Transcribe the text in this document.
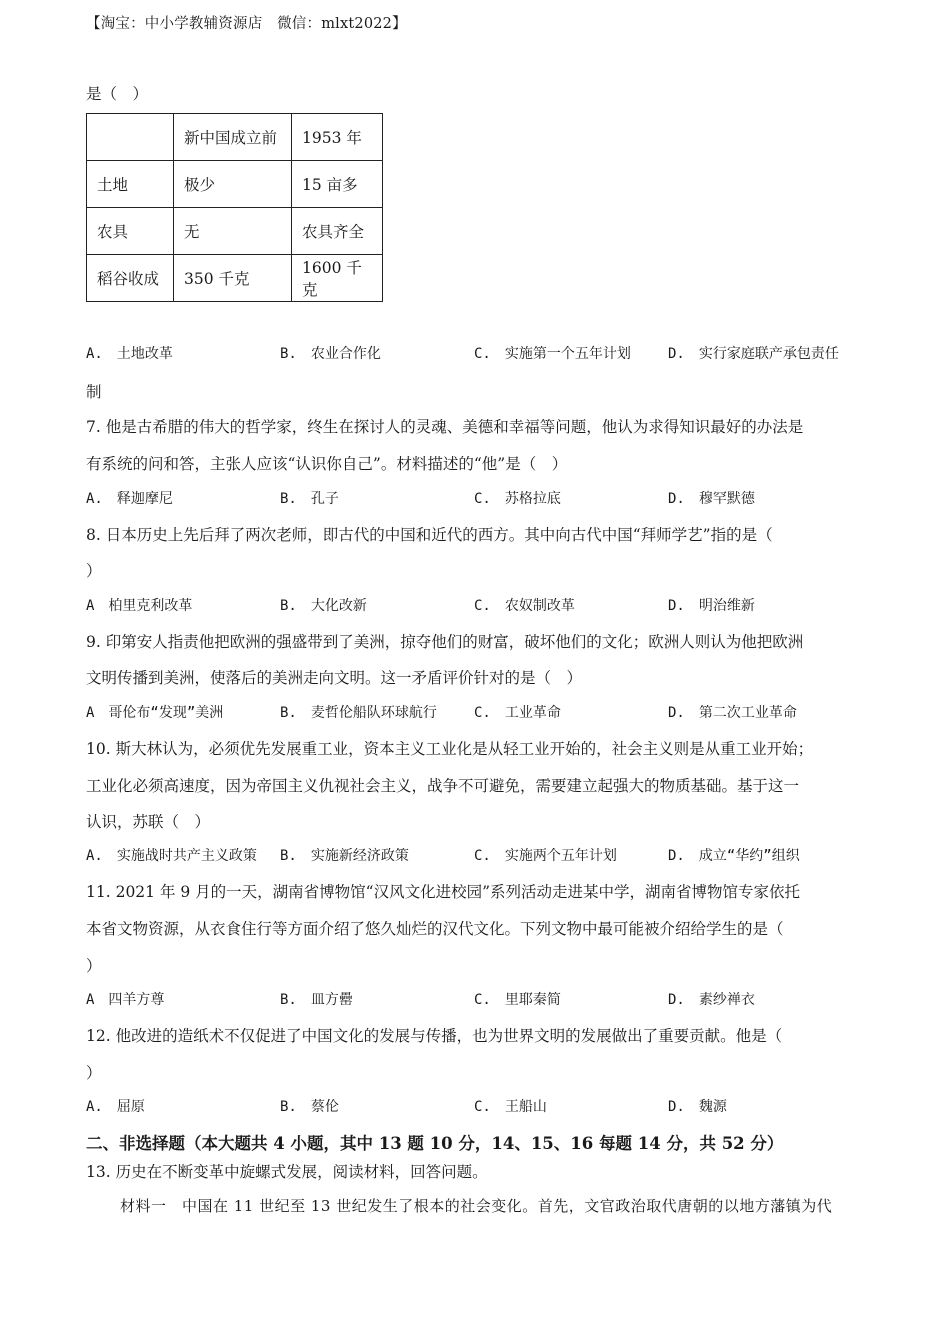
【淘宝：中小学教辅资源店　微信：mlxt2022】
是（　）
	新中国成立前	1953 年
土地	极少	15 亩多
农具	无	农具齐全
稻谷收成	350 千克	1600 千克
A.　土地改革	B.　农业合作化	C.　实施第一个五年计划	D.　实行家庭联产承包责任
制
7. 他是古希腊的伟大的哲学家，终生在探讨人的灵魂、美德和幸福等问题，他认为求得知识最好的办法是
有系统的问和答，主张人应该“认识你自己”。材料描述的“他”是（　）
A.　释迦摩尼	B.　孔子	C.　苏格拉底	D.　穆罕默德
8. 日本历史上先后拜了两次老师，即古代的中国和近代的西方。其中向古代中国“拜师学艺”指的是（
）
A　柏里克利改革	B.　大化改新	C.　农奴制改革	D.　明治维新
9. 印第安人指责他把欧洲的强盛带到了美洲，掠夺他们的财富，破坏他们的文化；欧洲人则认为他把欧洲
文明传播到美洲，使落后的美洲走向文明。这一矛盾评价针对的是（　）
A　哥伦布“发现”美洲	B.　麦哲伦船队环球航行	C.　工业革命	D.　第二次工业革命
10. 斯大林认为，必须优先发展重工业，资本主义工业化是从轻工业开始的，社会主义则是从重工业开始；
工业化必须高速度，因为帝国主义仇视社会主义，战争不可避免，需要建立起强大的物质基础。基于这一
认识，苏联（　）
A.　实施战时共产主义政策 B.　实施新经济政策	C.　实施两个五年计划	D.　成立“华约”组织
11. 2021 年 9 月的一天，湖南省博物馆“汉风文化进校园”系列活动走进某中学，湖南省博物馆专家依托
本省文物资源，从衣食住行等方面介绍了悠久灿烂的汉代文化。下列文物中最可能被介绍给学生的是（
）
A　四羊方尊	B.　皿方罍	C.　里耶秦简	D.　素纱禅衣
12. 他改进的造纸术不仅促进了中国文化的发展与传播，也为世界文明的发展做出了重要贡献。他是（
）
A.　屈原	B.　蔡伦	C.　王船山	D.　魏源
二、非选择题（本大题共 4 小题，其中 13 题 10 分，14、15、16 每题 14 分，共 52 分）
13. 历史在不断变革中旋螺式发展，阅读材料，回答问题。
材料一　中国在 11 世纪至 13 世纪发生了根本的社会变化。首先，文官政治取代唐朝的以地方藩镇为代
